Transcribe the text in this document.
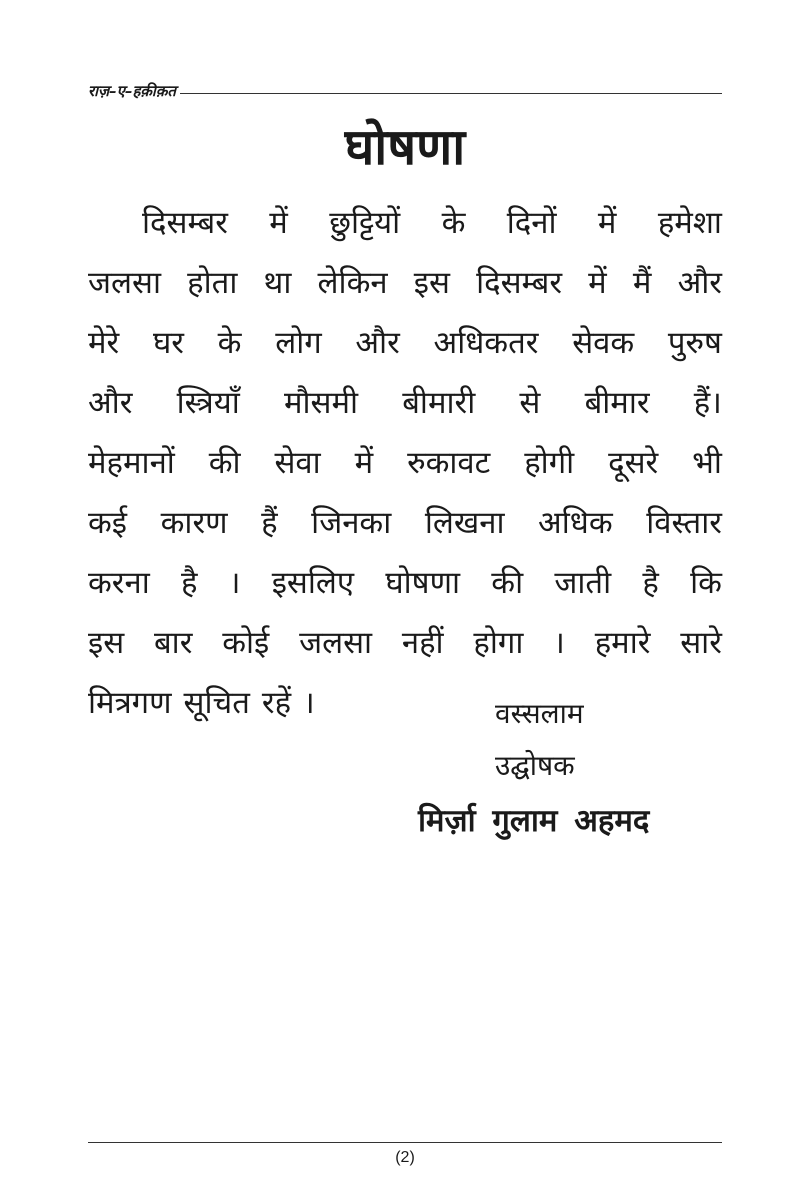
राज़–ए–हक़ीक़त
घोषणा
दिसम्बर में छुट्टियों के दिनों में हमेशा
जलसा होता था लेकिन इस दिसम्बर में मैं और
मेरे घर के लोग और अधिकतर सेवक पुरुष
और स्त्रियाँ मौसमी बीमारी से बीमार हैं।
मेहमानों की सेवा में रुकावट होगी दूसरे भी
कई कारण हैं जिनका लिखना अधिक विस्तार
करना है । इसलिए घोषणा की जाती है कि
इस बार कोई जलसा नहीं होगा । हमारे सारे
मित्रगण सूचित रहें ।	वस्सलाम
उद्घोषक
मिर्ज़ा गुलाम अहमद
(2)
